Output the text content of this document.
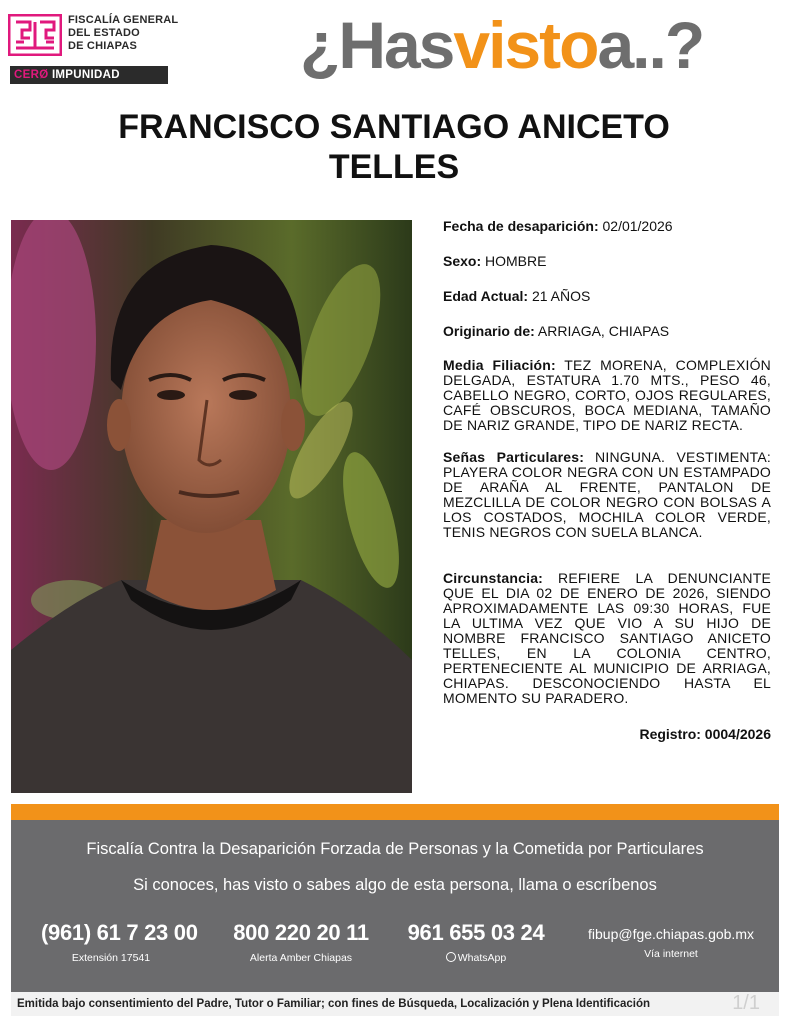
FISCALÍA GENERAL
DEL ESTADO
DE CHIAPAS
CERØ IMPUNIDAD	¿Hasvistoa..?
FRANCISCO SANTIAGO ANICETO
TELLES
Fecha de desaparición: 02/01/2026
Sexo: HOMBRE
Edad Actual: 21 AÑOS
Originario de: ARRIAGA, CHIAPAS
Media Filiación: TEZ MORENA, COMPLEXIÓN DELGADA, ESTATURA 1.70 MTS., PESO 46, CABELLO NEGRO, CORTO, OJOS REGULARES, CAFÉ OBSCUROS, BOCA MEDIANA, TAMAÑO DE NARIZ GRANDE, TIPO DE NARIZ RECTA.
Señas Particulares: NINGUNA. VESTIMENTA: PLAYERA COLOR NEGRA CON UN ESTAMPADO DE ARAÑA AL FRENTE, PANTALON DE MEZCLILLA DE COLOR NEGRO CON BOLSAS A LOS COSTADOS, MOCHILA COLOR VERDE, TENIS NEGROS CON SUELA BLANCA.
Circunstancia: REFIERE LA DENUNCIANTE QUE EL DIA 02 DE ENERO DE 2026, SIENDO APROXIMADAMENTE LAS 09:30 HORAS, FUE LA ULTIMA VEZ QUE VIO A SU HIJO DE NOMBRE FRANCISCO SANTIAGO ANICETO TELLES, EN LA COLONIA CENTRO, PERTENECIENTE AL MUNICIPIO DE ARRIAGA, CHIAPAS. DESCONOCIENDO HASTA EL MOMENTO SU PARADERO.
Registro: 0004/2026
Fiscalía Contra la Desaparición Forzada de Personas y la Cometida por Particulares
Si conoces, has visto o sabes algo de esta persona, llama o escríbenos
(961) 61 7 23 00
Extensión 17541
800 220 20 11
Alerta Amber Chiapas
961 655 03 24
WhatsApp
fibup@fge.chiapas.gob.mx
Vía internet
Emitida bajo consentimiento del Padre, Tutor o Familiar; con fines de Búsqueda, Localización y Plena Identificación	1/1
